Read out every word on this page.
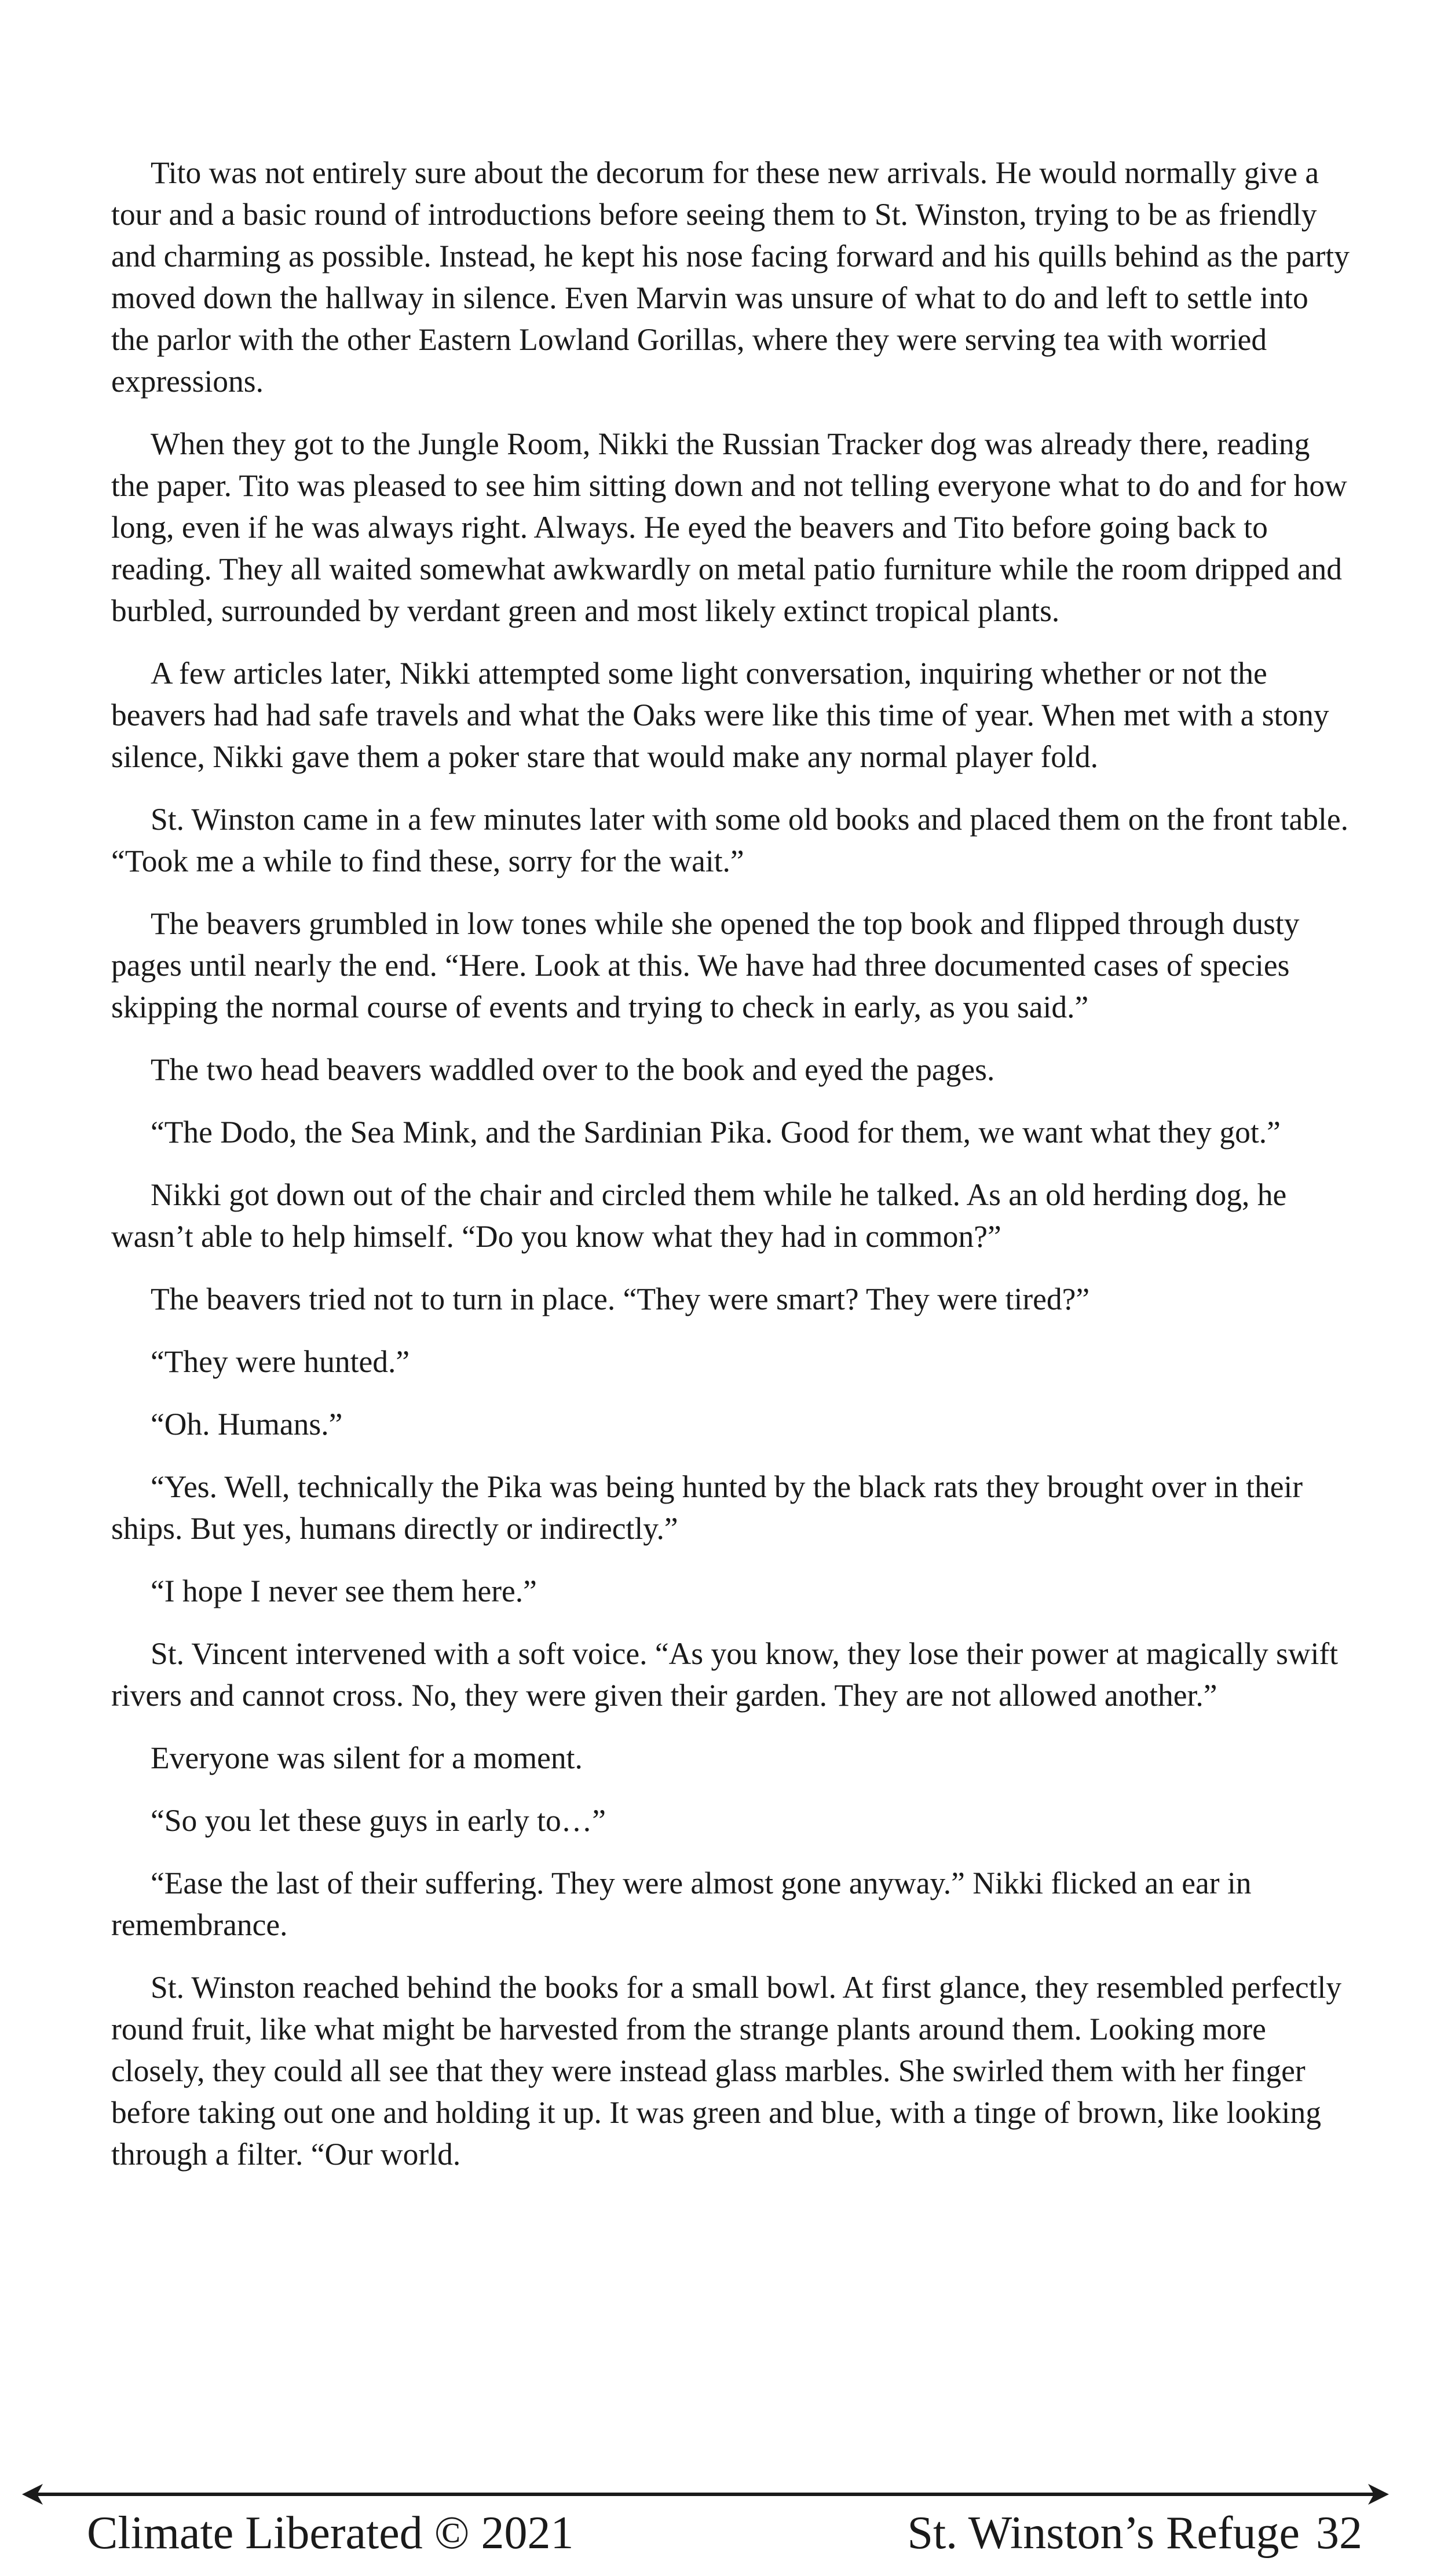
Tito was not entirely sure about the decorum for these new arrivals. He would normally give a tour and a basic round of introductions before seeing them to St. Winston, trying to be as friendly and charming as possible. Instead, he kept his nose facing forward and his quills behind as the party moved down the hallway in silence. Even Marvin was unsure of what to do and left to settle into the parlor with the other Eastern Lowland Gorillas, where they were serving tea with worried expressions.

When they got to the Jungle Room, Nikki the Russian Tracker dog was already there, reading the paper. Tito was pleased to see him sitting down and not telling everyone what to do and for how long, even if he was always right. Always. He eyed the beavers and Tito before going back to reading. They all waited somewhat awkwardly on metal patio furniture while the room dripped and burbled, surrounded by verdant green and most likely extinct tropical plants.

A few articles later, Nikki attempted some light conversation, inquiring whether or not the beavers had had safe travels and what the Oaks were like this time of year. When met with a stony silence, Nikki gave them a poker stare that would make any normal player fold.

St. Winston came in a few minutes later with some old books and placed them on the front table. “Took me a while to find these, sorry for the wait.”

The beavers grumbled in low tones while she opened the top book and flipped through dusty pages until nearly the end. “Here. Look at this. We have had three documented cases of species skipping the normal course of events and trying to check in early, as you said.”

The two head beavers waddled over to the book and eyed the pages.

“The Dodo, the Sea Mink, and the Sardinian Pika. Good for them, we want what they got.”

Nikki got down out of the chair and circled them while he talked. As an old herding dog, he wasn’t able to help himself. “Do you know what they had in common?”

The beavers tried not to turn in place. “They were smart? They were tired?”

“They were hunted.”

“Oh. Humans.”

“Yes. Well, technically the Pika was being hunted by the black rats they brought over in their ships. But yes, humans directly or indirectly.”

“I hope I never see them here.”

St. Vincent intervened with a soft voice. “As you know, they lose their power at magically swift rivers and cannot cross. No, they were given their garden. They are not allowed another.”

Everyone was silent for a moment.

“So you let these guys in early to…”

“Ease the last of their suffering. They were almost gone anyway.” Nikki flicked an ear in remembrance.

St. Winston reached behind the books for a small bowl. At first glance, they resembled perfectly round fruit, like what might be harvested from the strange plants around them. Looking more closely, they could all see that they were instead glass marbles. She swirled them with her finger before taking out one and holding it up. It was green and blue, with a tinge of brown, like looking through a filter. “Our world.

Climate Liberated © 2021	St. Winston’s Refuge 32
